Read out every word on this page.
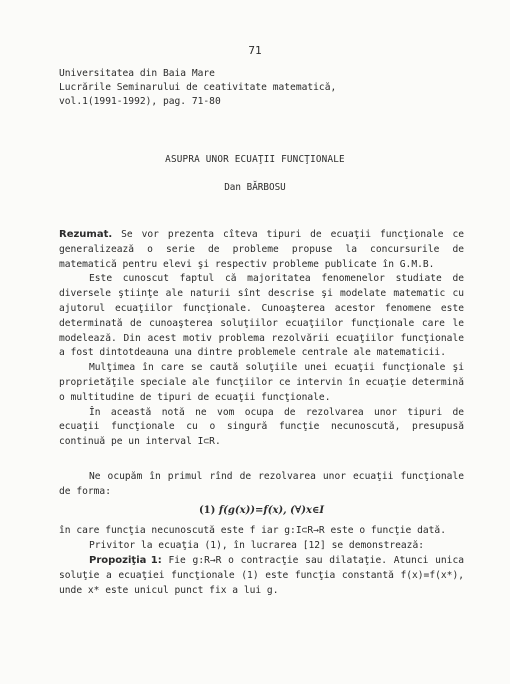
71
Universitatea din Baia Mare
Lucrările Seminarului de ceativitate matematică,
vol.1(1991-1992), pag. 71-80
ASUPRA UNOR ECUAŢII FUNCŢIONALE
Dan BĂRBOSU

Rezumat. Se vor prezenta cîteva tipuri de ecuaţii funcţionale ce generalizează o serie de probleme propuse la concursurile de matematică pentru elevi şi respectiv probleme publicate în G.M.B.

Este cunoscut faptul că majoritatea fenomenelor studiate de diversele ştiinţe ale naturii sînt descrise şi modelate matematic cu ajutorul ecuaţiilor funcţionale. Cunoaşterea acestor fenomene este determinată de cunoaşterea soluţiilor ecuaţiilor funcţionale care le modelează. Din acest motiv problema rezolvării ecuaţiilor funcţionale a fost dintotdeauna una dintre problemele centrale ale matematicii.

Mulţimea în care se caută soluţiile unei ecuaţii funcţionale şi proprietăţile speciale ale funcţiilor ce intervin în ecuaţie determină o multitudine de tipuri de ecuaţii funcţionale.

În această notă ne vom ocupa de rezolvarea unor tipuri de ecuaţii funcţionale cu o singură funcţie necunoscută, presupusă continuă pe un interval I⊂R.

Ne ocupăm în primul rînd de rezolvarea unor ecuaţii funcţionale de forma:

(1) f(g(x))=f(x), (∀)x∈I

în care funcţia necunoscută este f iar g:I⊂R→R este o funcţie dată.

Privitor la ecuaţia (1), în lucrarea [12] se demonstrează:

Propoziţia 1: Fie g:R→R o contracţie sau dilataţie. Atunci unica soluţie a ecuaţiei funcţionale (1) este funcţia constantă f(x)=f(x*), unde x* este unicul punct fix a lui g.
